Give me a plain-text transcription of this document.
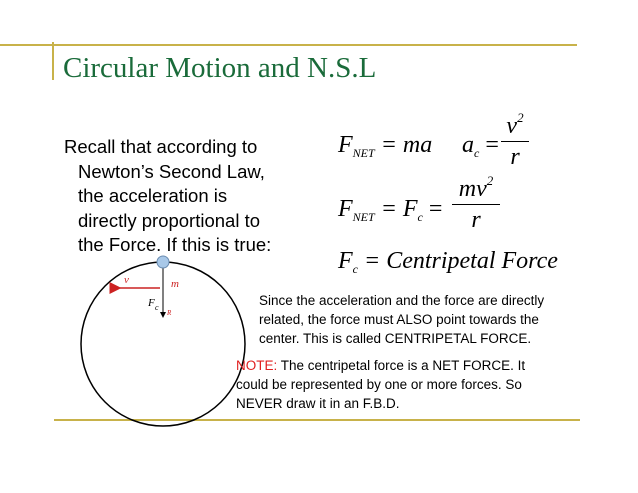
Circular Motion and N.S.L

Recall that according to
Newton’s Second Law,
the acceleration is
directly proportional to
the Force. If this is true:

$F_{NET}$ = ma $a_c$ =
$v^2$
r
$F_{NET} = F_c$ =
$mv^2$
r
$F_c$ = Centripetal Force
v	m
F c
R

Since the acceleration and the force are directly related, the force must ALSO point towards the center. This is called CENTRIPETAL FORCE.

NOTE: The centripetal force is a NET FORCE. It could be represented by one or more forces. So NEVER draw it in an F.B.D.
